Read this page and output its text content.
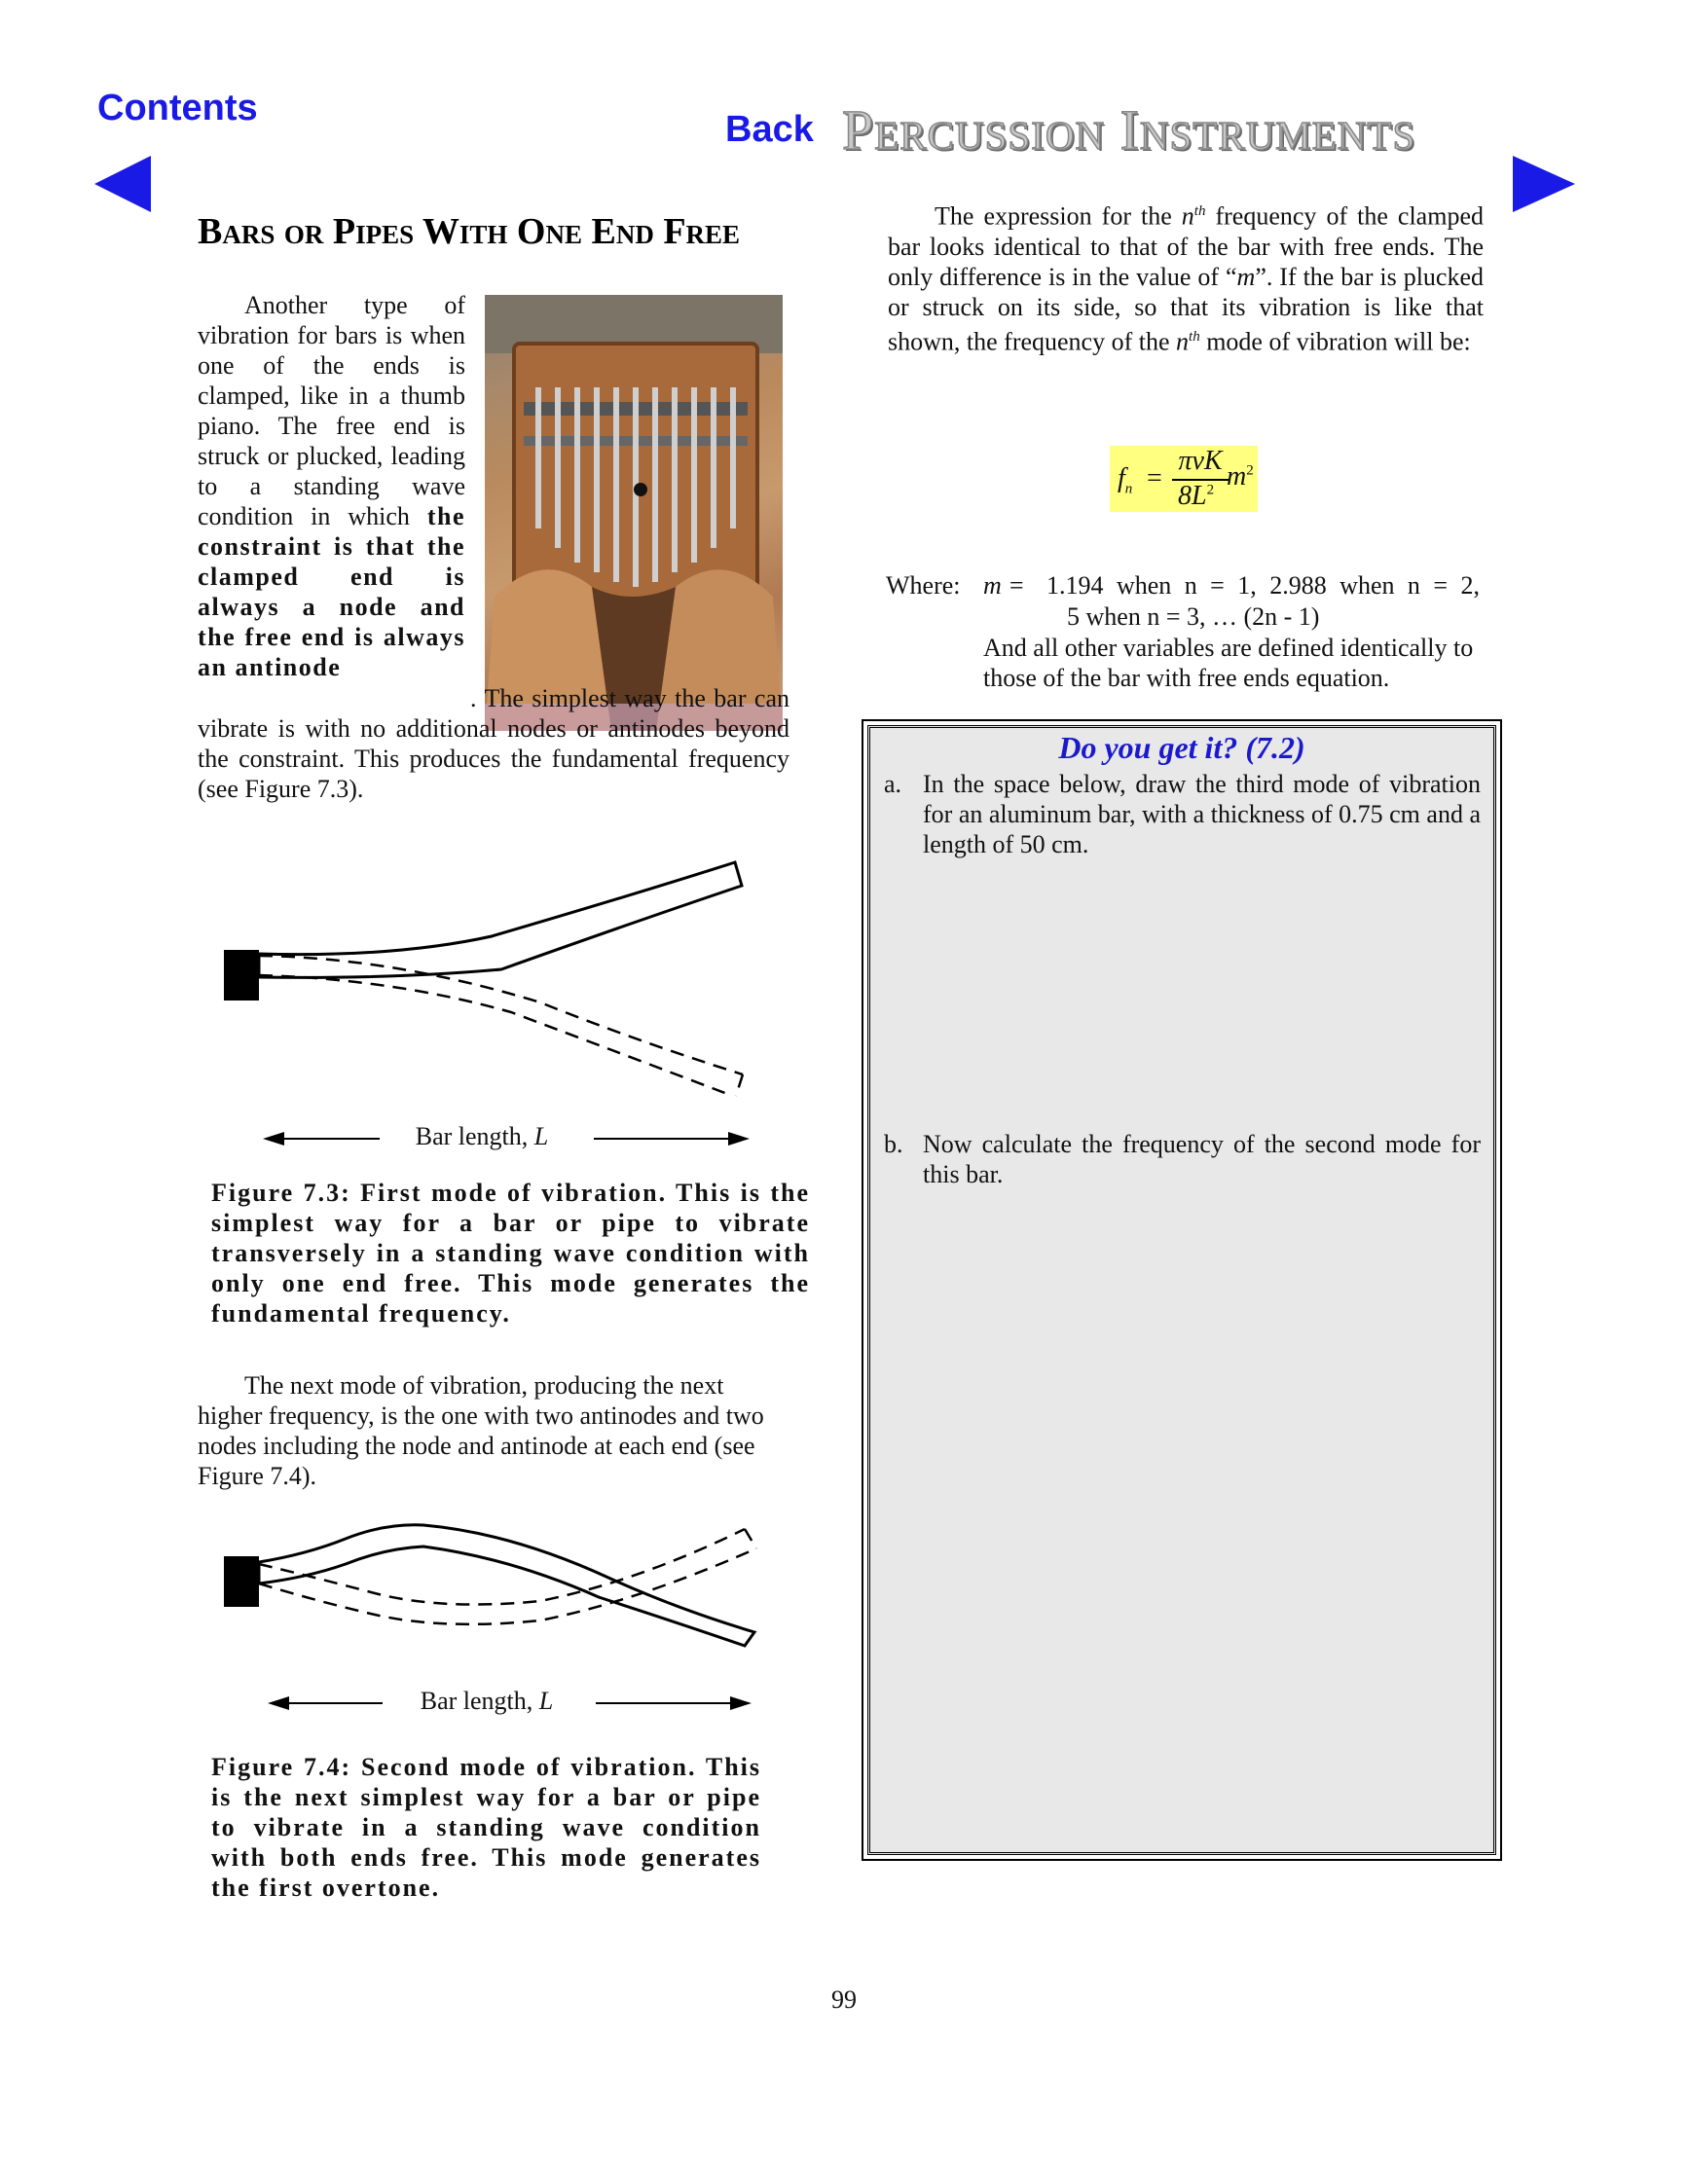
Contents
Back Percussion Instruments
Bars or Pipes With One End Free
Another type of vibration for bars is when one of the ends is clamped, like in a thumb piano. The free end is struck or plucked, leading to a standing wave condition in which the constraint is that the clamped end is always a node and the free end is always an antinode
. The simplest way the bar can vibrate is with no additional nodes or antinodes beyond the constraint. This produces the fundamental frequency (see Figure 7.3).
Bar length, L
Figure 7.3: First mode of vibration. This is the simplest way for a bar or pipe to vibrate transversely in a standing wave condition with only one end free. This mode generates the fundamental frequency.
The next mode of vibration, producing the next higher frequency, is the one with two antinodes and two nodes including the node and antinode at each end (see Figure 7.4).
Bar length, L
Figure 7.4: Second mode of vibration. This is the next simplest way for a bar or pipe to vibrate in a standing wave condition with both ends free. This mode generates the first overtone.
The expression for the $n^{th}$ frequency of the clamped bar looks identical to that of the bar with free ends. The only difference is in the value of “m”. If the bar is plucked or struck on its side, so that its vibration is like that shown, the frequency of the $n^{th}$ mode of vibration will be:
$f_n$ =
πvK
$8L^2$ $m^2$
Where: m = 1.194 when n = 1, 2.988 when n = 2,
5 when n = 3, … (2n - 1)
And all other variables are defined identically to those of the bar with free ends equation.
Do you get it? (7.2)
a. In the space below, draw the third mode of vibration for an aluminum bar, with a thickness of 0.75 cm and a length of 50 cm.
b. Now calculate the frequency of the second mode for this bar.
99
